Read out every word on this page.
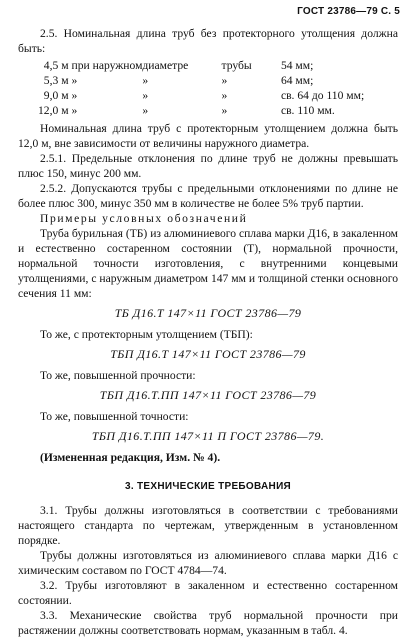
ГОСТ 23786—79 С. 5

2.5. Номинальная длина труб без протекторного утолщения должна быть:

4,5 м	при наружном	диаметре	трубы	54 мм;
5,3 м	»	»	»	64 мм;
9,0 м	»	»	»	св. 64 до 110 мм;
12,0 м	»	»	»	св. 110 мм.

Номинальная длина труб с протекторным утолщением должна быть 12,0 м, вне зависимости от величины наружного диаметра.

2.5.1. Предельные отклонения по длине труб не должны превышать плюс 150, минус 200 мм.

2.5.2. Допускаются трубы с предельными отклонениями по длине не более плюс 300, минус 350 мм в количестве не более 5% труб партии.

Примеры условных обозначений

Труба бурильная (ТБ) из алюминиевого сплава марки Д16, в закаленном и естественно состаренном состоянии (Т), нормальной прочности, нормальной точности изготовления, с внутренними концевыми утолщениями, с наружным диаметром 147 мм и толщиной стенки основного сечения 11 мм:

ТБ Д16.Т 147×11 ГОСТ 23786—79

То же, с протекторным утолщением (ТБП):

ТБП Д16.Т 147×11 ГОСТ 23786—79

То же, повышенной прочности:

ТБП Д16.Т.ПП 147×11 ГОСТ 23786—79

То же, повышенной точности:

ТБП Д16.Т.ПП 147×11 П ГОСТ 23786—79.

(Измененная редакция, Изм. № 4).

3. ТЕХНИЧЕСКИЕ ТРЕБОВАНИЯ

3.1. Трубы должны изготовляться в соответствии с требованиями настоящего стандарта по чертежам, утвержденным в установленном порядке.

Трубы должны изготовляться из алюминиевого сплава марки Д16 с химическим составом по ГОСТ 4784—74.

3.2. Трубы изготовляют в закаленном и естественно состаренном состоянии.

3.3. Механические свойства труб нормальной прочности при растяжении должны соответствовать нормам, указанным в табл. 4.
